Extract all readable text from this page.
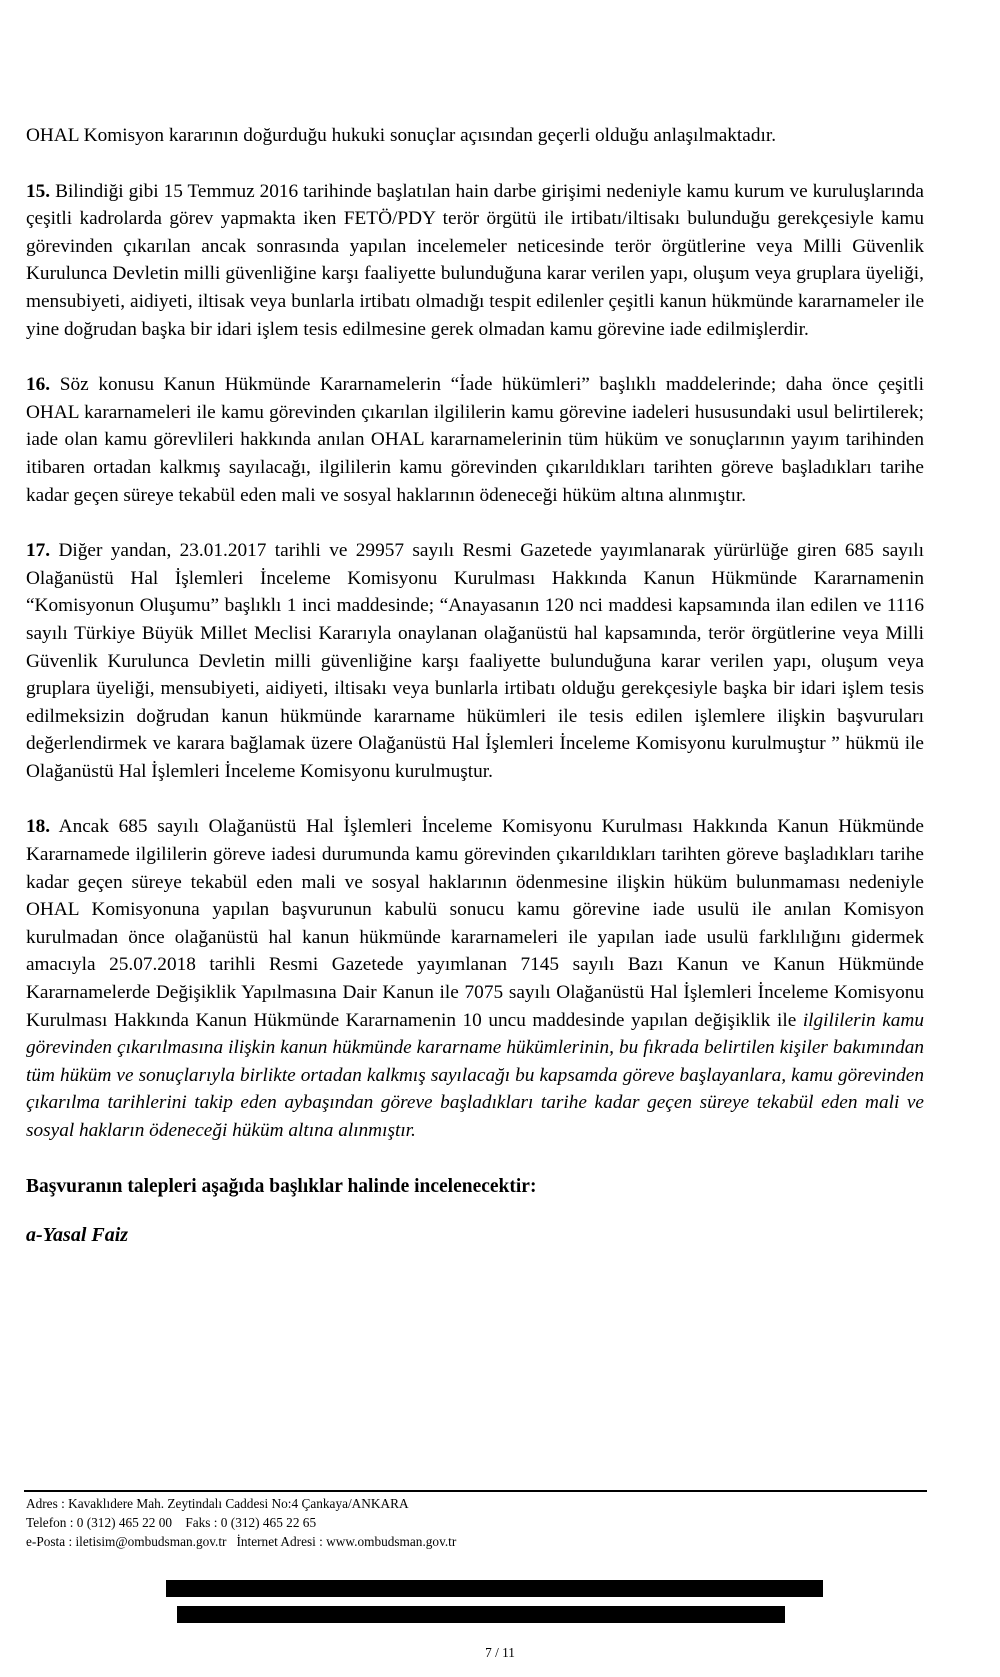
OHAL Komisyon kararının doğurduğu hukuki sonuçlar açısından geçerli olduğu anlaşılmaktadır.

15. Bilindiği gibi 15 Temmuz 2016 tarihinde başlatılan hain darbe girişimi nedeniyle kamu kurum ve kuruluşlarında çeşitli kadrolarda görev yapmakta iken FETÖ/PDY terör örgütü ile irtibatı/iltisakı bulunduğu gerekçesiyle kamu görevinden çıkarılan ancak sonrasında yapılan incelemeler neticesinde terör örgütlerine veya Milli Güvenlik Kurulunca Devletin milli güvenliğine karşı faaliyette bulunduğuna karar verilen yapı, oluşum veya gruplara üyeliği, mensubiyeti, aidiyeti, iltisak veya bunlarla irtibatı olmadığı tespit edilenler çeşitli kanun hükmünde kararnameler ile yine doğrudan başka bir idari işlem tesis edilmesine gerek olmadan kamu görevine iade edilmişlerdir.

16. Söz konusu Kanun Hükmünde Kararnamelerin “İade hükümleri” başlıklı maddelerinde; daha önce çeşitli OHAL kararnameleri ile kamu görevinden çıkarılan ilgililerin kamu görevine iadeleri hususundaki usul belirtilerek; iade olan kamu görevlileri hakkında anılan OHAL kararnamelerinin tüm hüküm ve sonuçlarının yayım tarihinden itibaren ortadan kalkmış sayılacağı, ilgililerin kamu görevinden çıkarıldıkları tarihten göreve başladıkları tarihe kadar geçen süreye tekabül eden mali ve sosyal haklarının ödeneceği hüküm altına alınmıştır.

17. Diğer yandan, 23.01.2017 tarihli ve 29957 sayılı Resmi Gazetede yayımlanarak yürürlüğe giren 685 sayılı Olağanüstü Hal İşlemleri İnceleme Komisyonu Kurulması Hakkında Kanun Hükmünde Kararnamenin “Komisyonun Oluşumu” başlıklı 1 inci maddesinde; “Anayasanın 120 nci maddesi kapsamında ilan edilen ve 1116 sayılı Türkiye Büyük Millet Meclisi Kararıyla onaylanan olağanüstü hal kapsamında, terör örgütlerine veya Milli Güvenlik Kurulunca Devletin milli güvenliğine karşı faaliyette bulunduğuna karar verilen yapı, oluşum veya gruplara üyeliği, mensubiyeti, aidiyeti, iltisakı veya bunlarla irtibatı olduğu gerekçesiyle başka bir idari işlem tesis edilmeksizin doğrudan kanun hükmünde kararname hükümleri ile tesis edilen işlemlere ilişkin başvuruları değerlendirmek ve karara bağlamak üzere Olağanüstü Hal İşlemleri İnceleme Komisyonu kurulmuştur ” hükmü ile Olağanüstü Hal İşlemleri İnceleme Komisyonu kurulmuştur.

18. Ancak 685 sayılı Olağanüstü Hal İşlemleri İnceleme Komisyonu Kurulması Hakkında Kanun Hükmünde Kararnamede ilgililerin göreve iadesi durumunda kamu görevinden çıkarıldıkları tarihten göreve başladıkları tarihe kadar geçen süreye tekabül eden mali ve sosyal haklarının ödenmesine ilişkin hüküm bulunmaması nedeniyle OHAL Komisyonuna yapılan başvurunun kabulü sonucu kamu görevine iade usulü ile anılan Komisyon kurulmadan önce olağanüstü hal kanun hükmünde kararnameleri ile yapılan iade usulü farklılığını gidermek amacıyla 25.07.2018 tarihli Resmi Gazetede yayımlanan 7145 sayılı Bazı Kanun ve Kanun Hükmünde Kararnamelerde Değişiklik Yapılmasına Dair Kanun ile 7075 sayılı Olağanüstü Hal İşlemleri İnceleme Komisyonu Kurulması Hakkında Kanun Hükmünde Kararnamenin 10 uncu maddesinde yapılan değişiklik ile ilgililerin kamu görevinden çıkarılmasına ilişkin kanun hükmünde kararname hükümlerinin, bu fıkrada belirtilen kişiler bakımından tüm hüküm ve sonuçlarıyla birlikte ortadan kalkmış sayılacağı bu kapsamda göreve başlayanlara, kamu görevinden çıkarılma tarihlerini takip eden aybaşından göreve başladıkları tarihe kadar geçen süreye tekabül eden mali ve sosyal hakların ödeneceği hüküm altına alınmıştır.

Başvuranın talepleri aşağıda başlıklar halinde incelenecektir:
a-Yasal Faiz
Adres : Kavaklıdere Mah. Zeytindalı Caddesi No:4 Çankaya/ANKARA
Telefon : 0 (312) 465 22 00    Faks : 0 (312) 465 22 65
e-Posta : iletisim@ombudsman.gov.tr   İnternet Adresi : www.ombudsman.gov.tr
7 / 11
